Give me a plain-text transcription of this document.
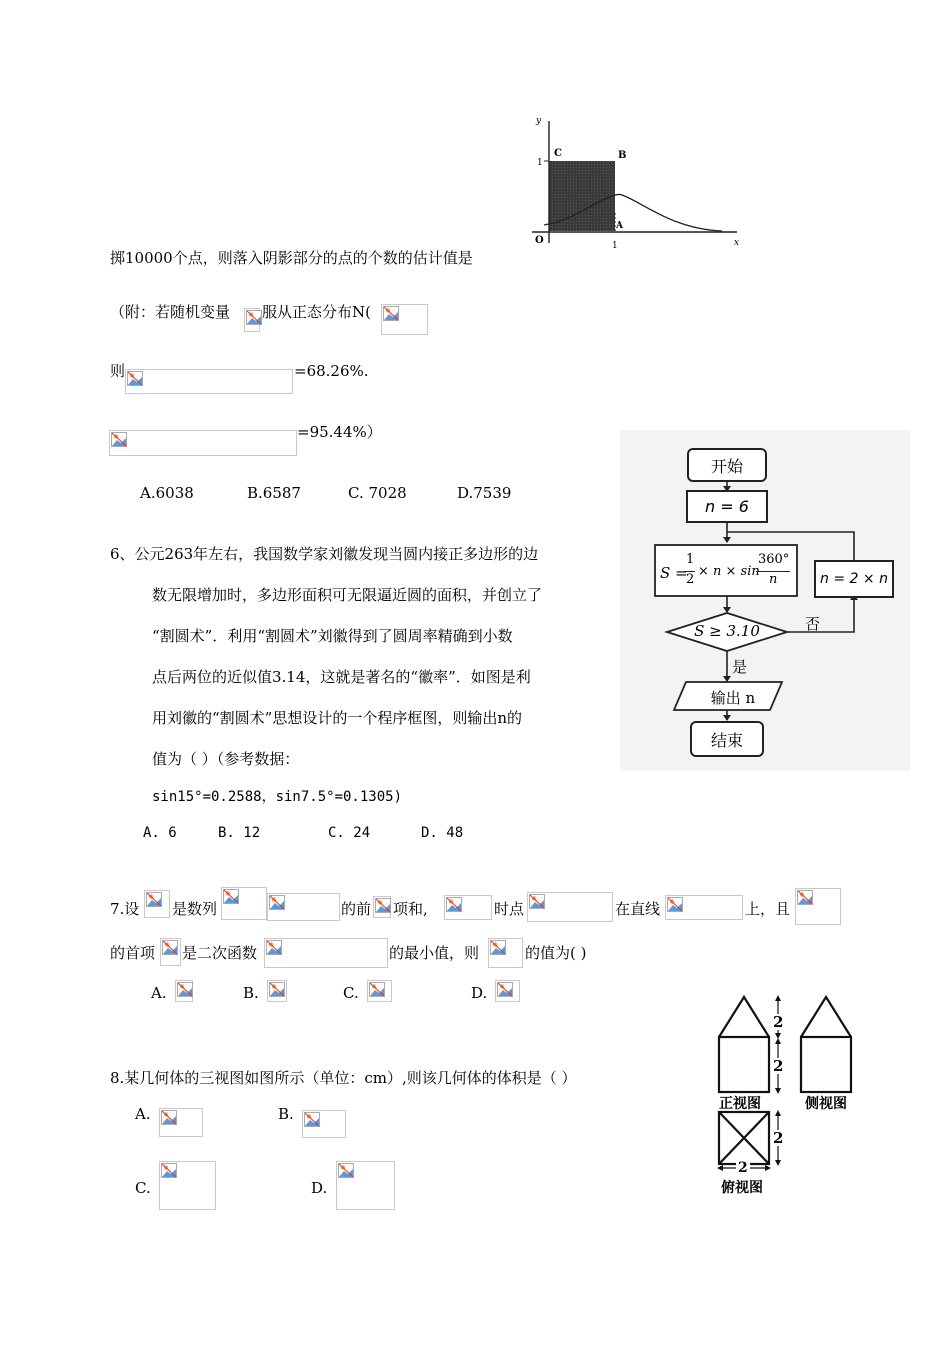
y
x
C	B
O
A
1
1
掷10000个点，则落入阴影部分的点的个数的估计值是
（附：若随机变量 服从正态分布N(
则	=68.26%.
=95.44%）
A.6038	B.6587	C. 7028	D.7539
开始
n = 6
S =
1
2
× n × sin
360°
n	n = 2 × n
S ≥ 3.10	否
是
输出 n
结束
6、公元263年左右，我国数学家刘徽发现当圆内接正多边形的边
数无限增加时，多边形面积可无限逼近圆的面积，并创立了
“割圆术”．利用“割圆术”刘徽得到了圆周率精确到小数
点后两位的近似值3.14，这就是著名的“徽率”．如图是利
用刘徽的“割圆术”思想设计的一个程序框图，则输出n的
值为（ ）（参考数据：
sin15°=0.2588，sin7.5°=0.1305)
A. 6	B. 12	C. 24	D. 48
7.设 是数列	的前 项和,	时点	在直线	上，且
的首项 是二次函数	的最小值，则	的值为( )
A.	B.	C.	D.
2
2
2
2
正视图	侧视图
俯视图
8.某几何体的三视图如图所示（单位：cm）,则该几何体的体积是（ ）
A.	B.
C.	D.
